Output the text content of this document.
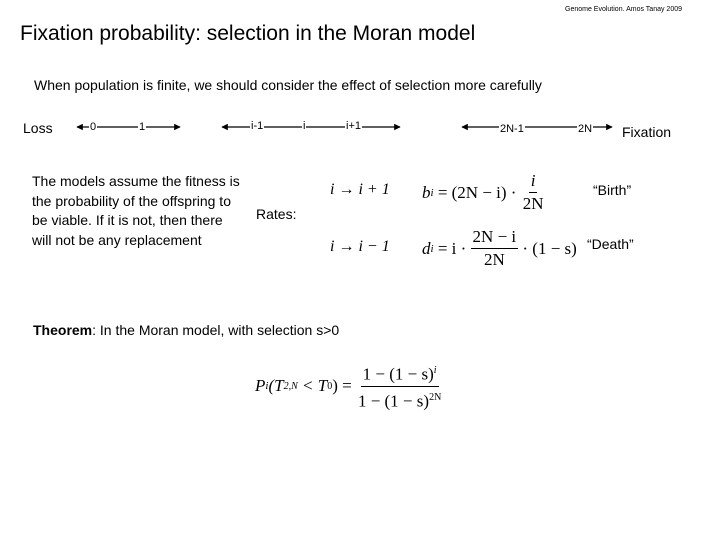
Genome Evolution. Amos Tanay 2009
Fixation probability: selection in the Moran model
When population is finite, we should consider the effect of selection more carefully
Loss	Fixation
0	1	i-1	i	i+1	2N-1	2N
The models assume the fitness is the probability of the offspring to be viable. If it is not, then there will not be any replacement
Rates:
i → i + 1
i → i − 1
b $i = (2N - i) \cdot \frac{i}{2N}$
d $i = i \cdot \frac{2N - i}{2N} \cdot (1 - s)$
“Birth”
“Death”
Theorem: In the Moran model, with selection s>0
P i (T 2,N < T 0 ) = $\frac{1 - (1 - s)^i}{1 - (1 - s)^{2N}}$
